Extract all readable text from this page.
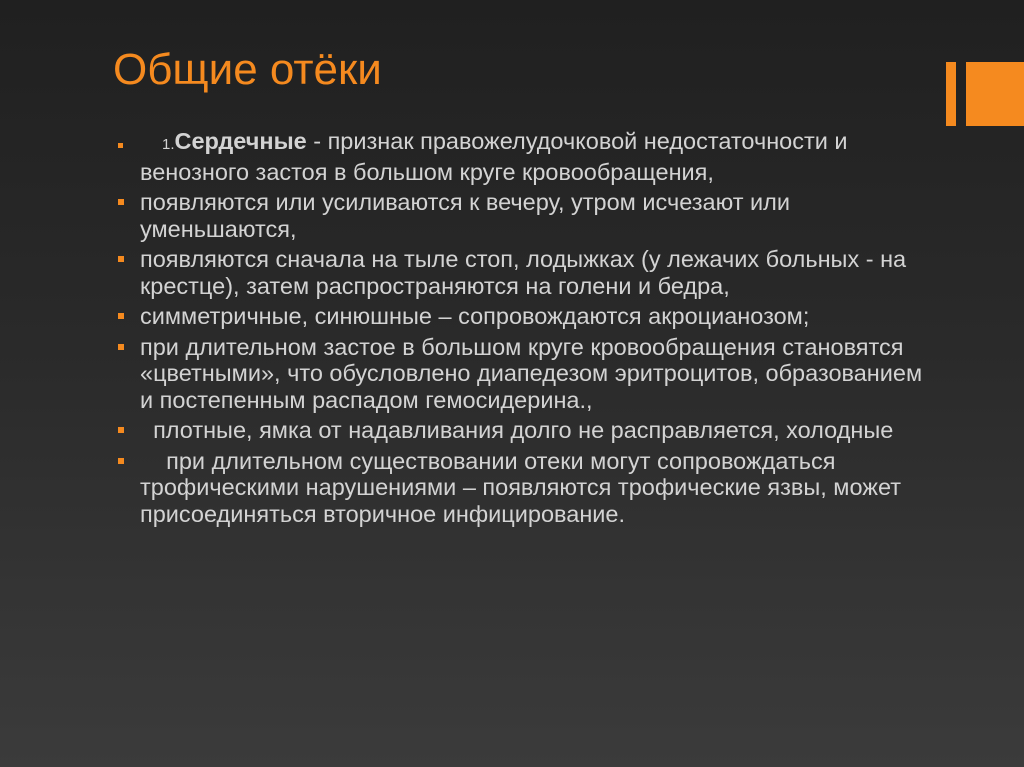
Общие отёки
1.Сердечные - признак правожелудочковой недостаточности и венозного застоя в большом круге кровообращения,
появляются или усиливаются к вечеру, утром исчезают или уменьшаются,
появляются сначала на тыле стоп, лодыжках (у лежачих больных - на крестце), затем распространяются на голени и бедра,
симметричные, синюшные – сопровождаются акроцианозом;
при длительном застое в большом круге кровообращения становятся «цветными», что обусловлено диапедезом эритроцитов, образованием и постепенным распадом гемосидерина.,
плотные, ямка от надавливания долго не расправляется, холодные
при длительном существовании отеки могут сопровождаться трофическими нарушениями – появляются трофические язвы, может присоединяться вторичное инфицирование.
